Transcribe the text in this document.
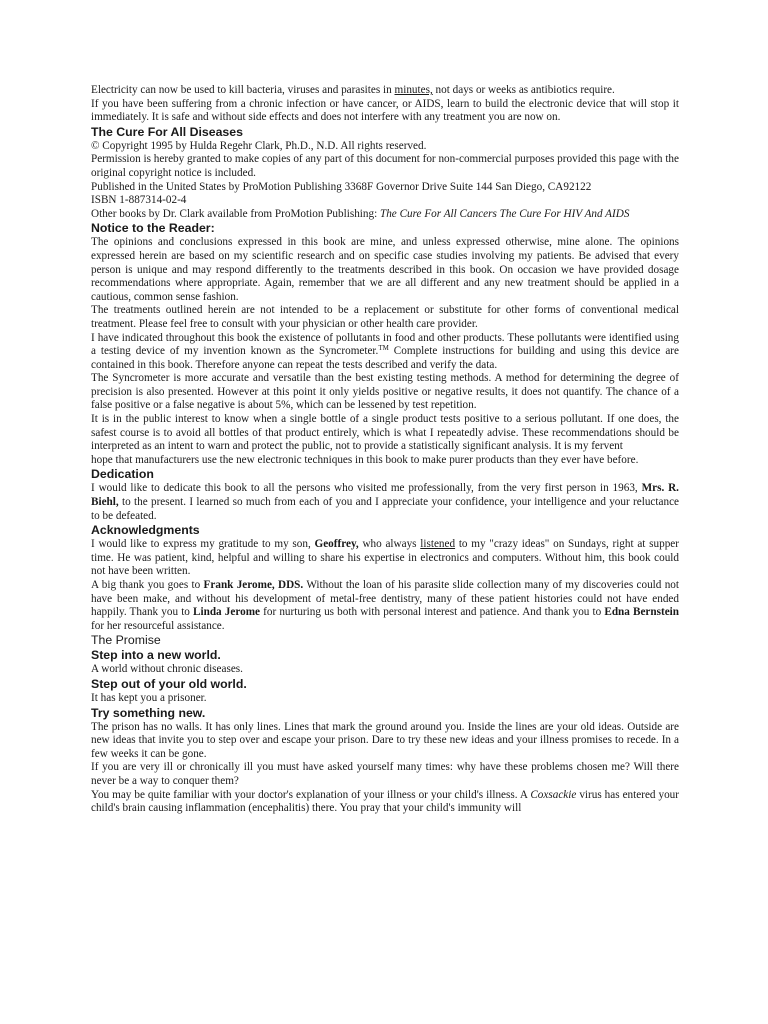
Electricity can now be used to kill bacteria, viruses and parasites in minutes, not days or weeks as antibiotics require.

If you have been suffering from a chronic infection or have cancer, or AIDS, learn to build the electronic device that will stop it immediately. It is safe and without side effects and does not interfere with any treatment you are now on.

The Cure For All Diseases

© Copyright 1995 by Hulda Regehr Clark, Ph.D., N.D. All rights reserved.

Permission is hereby granted to make copies of any part of this document for non-commercial purposes provided this page with the original copyright notice is included.

Published in the United States by ProMotion Publishing 3368F Governor Drive Suite 144 San Diego, CA92122

ISBN 1-887314-02-4

Other books by Dr. Clark available from ProMotion Publishing: The Cure For All Cancers The Cure For HIV And AIDS

Notice to the Reader:

The opinions and conclusions expressed in this book are mine, and unless expressed otherwise, mine alone. The opinions expressed herein are based on my scientific research and on specific case studies involving my patients. Be advised that every person is unique and may respond differently to the treatments described in this book. On occasion we have provided dosage recommendations where appropriate. Again, remember that we are all different and any new treatment should be applied in a cautious, common sense fashion.

The treatments outlined herein are not intended to be a replacement or substitute for other forms of conventional medical treatment. Please feel free to consult with your physician or other health care provider.

I have indicated throughout this book the existence of pollutants in food and other products. These pollutants were identified using a testing device of my invention known as the Syncrometer.™ Complete instructions for building and using this device are contained in this book. Therefore anyone can repeat the tests described and verify the data.

The Syncrometer is more accurate and versatile than the best existing testing methods. A method for determining the degree of precision is also presented. However at this point it only yields positive or negative results, it does not quantify. The chance of a false positive or a false negative is about 5%, which can be lessened by test repetition.

It is in the public interest to know when a single bottle of a single product tests positive to a serious pollutant. If one does, the safest course is to avoid all bottles of that product entirely, which is what I repeatedly advise. These recommendations should be interpreted as an intent to warn and protect the public, not to provide a statistically significant analysis. It is my fervent

hope that manufacturers use the new electronic techniques in this book to make purer products than they ever have before.

Dedication

I would like to dedicate this book to all the persons who visited me professionally, from the very first person in 1963, Mrs. R. Biehl, to the present. I learned so much from each of you and I appreciate your confidence, your intelligence and your reluctance to be defeated.

Acknowledgments

I would like to express my gratitude to my son, Geoffrey, who always listened to my "crazy ideas" on Sundays, right at supper time. He was patient, kind, helpful and willing to share his expertise in electronics and computers. Without him, this book could not have been written.

A big thank you goes to Frank Jerome, DDS. Without the loan of his parasite slide collection many of my discoveries could not have been make, and without his development of metal-free dentistry, many of these patient histories could not have ended happily. Thank you to Linda Jerome for nurturing us both with personal interest and patience. And thank you to Edna Bernstein for her resourceful assistance.

The Promise
Step into a new world.

A world without chronic diseases.

Step out of your old world.

It has kept you a prisoner.

Try something new.

The prison has no walls. It has only lines. Lines that mark the ground around you. Inside the lines are your old ideas. Outside are new ideas that invite you to step over and escape your prison. Dare to try these new ideas and your illness promises to recede. In a few weeks it can be gone.

If you are very ill or chronically ill you must have asked yourself many times: why have these problems chosen me? Will there never be a way to conquer them?

You may be quite familiar with your doctor's explanation of your illness or your child's illness. A Coxsackie virus has entered your child's brain causing inflammation (encephalitis) there. You pray that your child's immunity will
